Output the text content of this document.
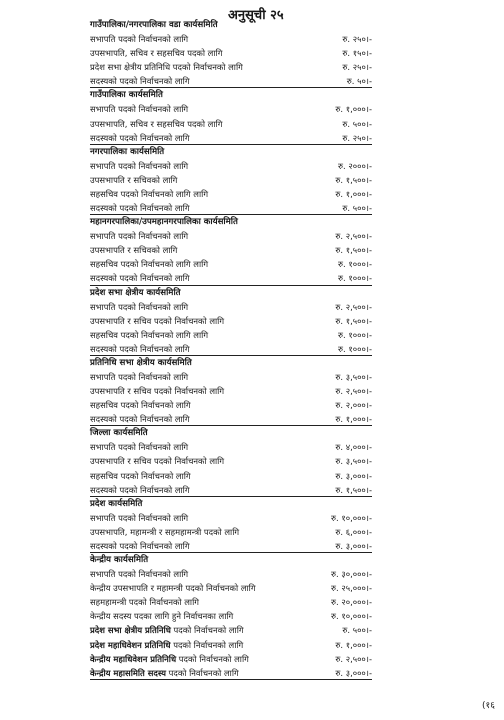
अनुसूची २५
गाउँपालिका/नगरपालिका वडा कार्यसमिति
सभापति पदको निर्वाचनको लागि	रु. २५०।-
उपसभापति, सचिव र सहसचिव पदको लागि	रु. १५०।-
प्रदेश सभा क्षेत्रीय प्रतिनिधि पदको निर्वाचनको लागि	रु. २५०।-
सदस्यको पदको निर्वाचनको लागि	रु. ५०।-
गाउँपालिका कार्यसमिति
सभापति पदको निर्वाचनको लागि	रु. १,०००।-
उपसभापति, सचिव र सहसचिव पदको लागि	रु. ५००।-
सदस्यको पदको निर्वाचनको लागि	रु. २५०।-
नगरपालिका कार्यसमिति
सभापति पदको निर्वाचनको लागि	रु. २०००।-
उपसभापति र सचिवको लागि	रु. १,५००।-
सहसचिव पदको निर्वाचनको लागि लागि	रु. १,०००।-
सदस्यको पदको निर्वाचनको लागि	रु. ५००।-
महानगरपालिका/उपमहानगरपालिका कार्यसमिति
सभापति पदको निर्वाचनको लागि	रु. २,५००।-
उपसभापति र सचिवको लागि	रु. १,५००।-
सहसचिव पदको निर्वाचनको लागि लागि	रु. १०००।-
सदस्यको पदको निर्वाचनको लागि	रु. १०००।-
प्रदेश सभा क्षेत्रीय कार्यसमिति
सभापति पदको निर्वाचनको लागि	रु. २,५००।-
उपसभापति र सचिव पदको निर्वाचनको लागि	रु. १,५००।-
सहसचिव पदको निर्वाचनको लागि लागि	रु. १०००।-
सदस्यको पदको निर्वाचनको लागि	रु. १०००।-
प्रतिनिधि सभा क्षेत्रीय कार्यसमिति
सभापति पदको निर्वाचनको लागि	रु. ३,५००।-
उपसभापति र सचिव पदको निर्वाचनको लागि	रु. २,५००।-
सहसचिव पदको निर्वाचनको लागि	रु. २,०००।-
सदस्यको पदको निर्वाचनको लागि	रु. १,०००।-
जिल्ला कार्यसमिति
सभापति पदको निर्वाचनको लागि	रु. ४,०००।-
उपसभापति र सचिव पदको निर्वाचनको लागि	रु. ३,५००।-
सहसचिव पदको निर्वाचनको लागि	रु. ३,०००।-
सदस्यको पदको निर्वाचनको लागि	रु. १,५००।-
प्रदेश कार्यसमिति
सभापति पदको निर्वाचनको लागि	रु. १०,०००।-
उपसभापति, महामन्त्री र सहमहामन्त्री पदको लागि	रु. ६,०००।-
सदस्यको पदको निर्वाचनको लागि	रु. ३,०००।-
केन्द्रीय कार्यसमिति
सभापति पदको निर्वाचनको लागि	रु. ३०,०००।-
केन्द्रीय उपसभापति र महामन्त्री पदको निर्वाचनको लागि	रु. २५,०००।-
सहमहामन्त्री पदको निर्वाचनको लागि	रु. २०,०००।-
केन्द्रीय सदस्य पदका लागि हुने निर्वाचनका लागि	रु. १०,०००।-
प्रदेश सभा क्षेत्रीय प्रतिनिधि पदको निर्वाचनको लागि	रु. ५००।-
प्रदेश महाधिवेशन प्रतिनिधि पदको निर्वाचनको लागि	रु. १,०००।-
केन्द्रीय महाधिवेशन प्रतिनिधि पदको निर्वाचनको लागि	रु. २,५००।-
केन्द्रीय महासमिति सदस्य पदको निर्वाचनको लागि	रु. ३,०००।-
(१६
